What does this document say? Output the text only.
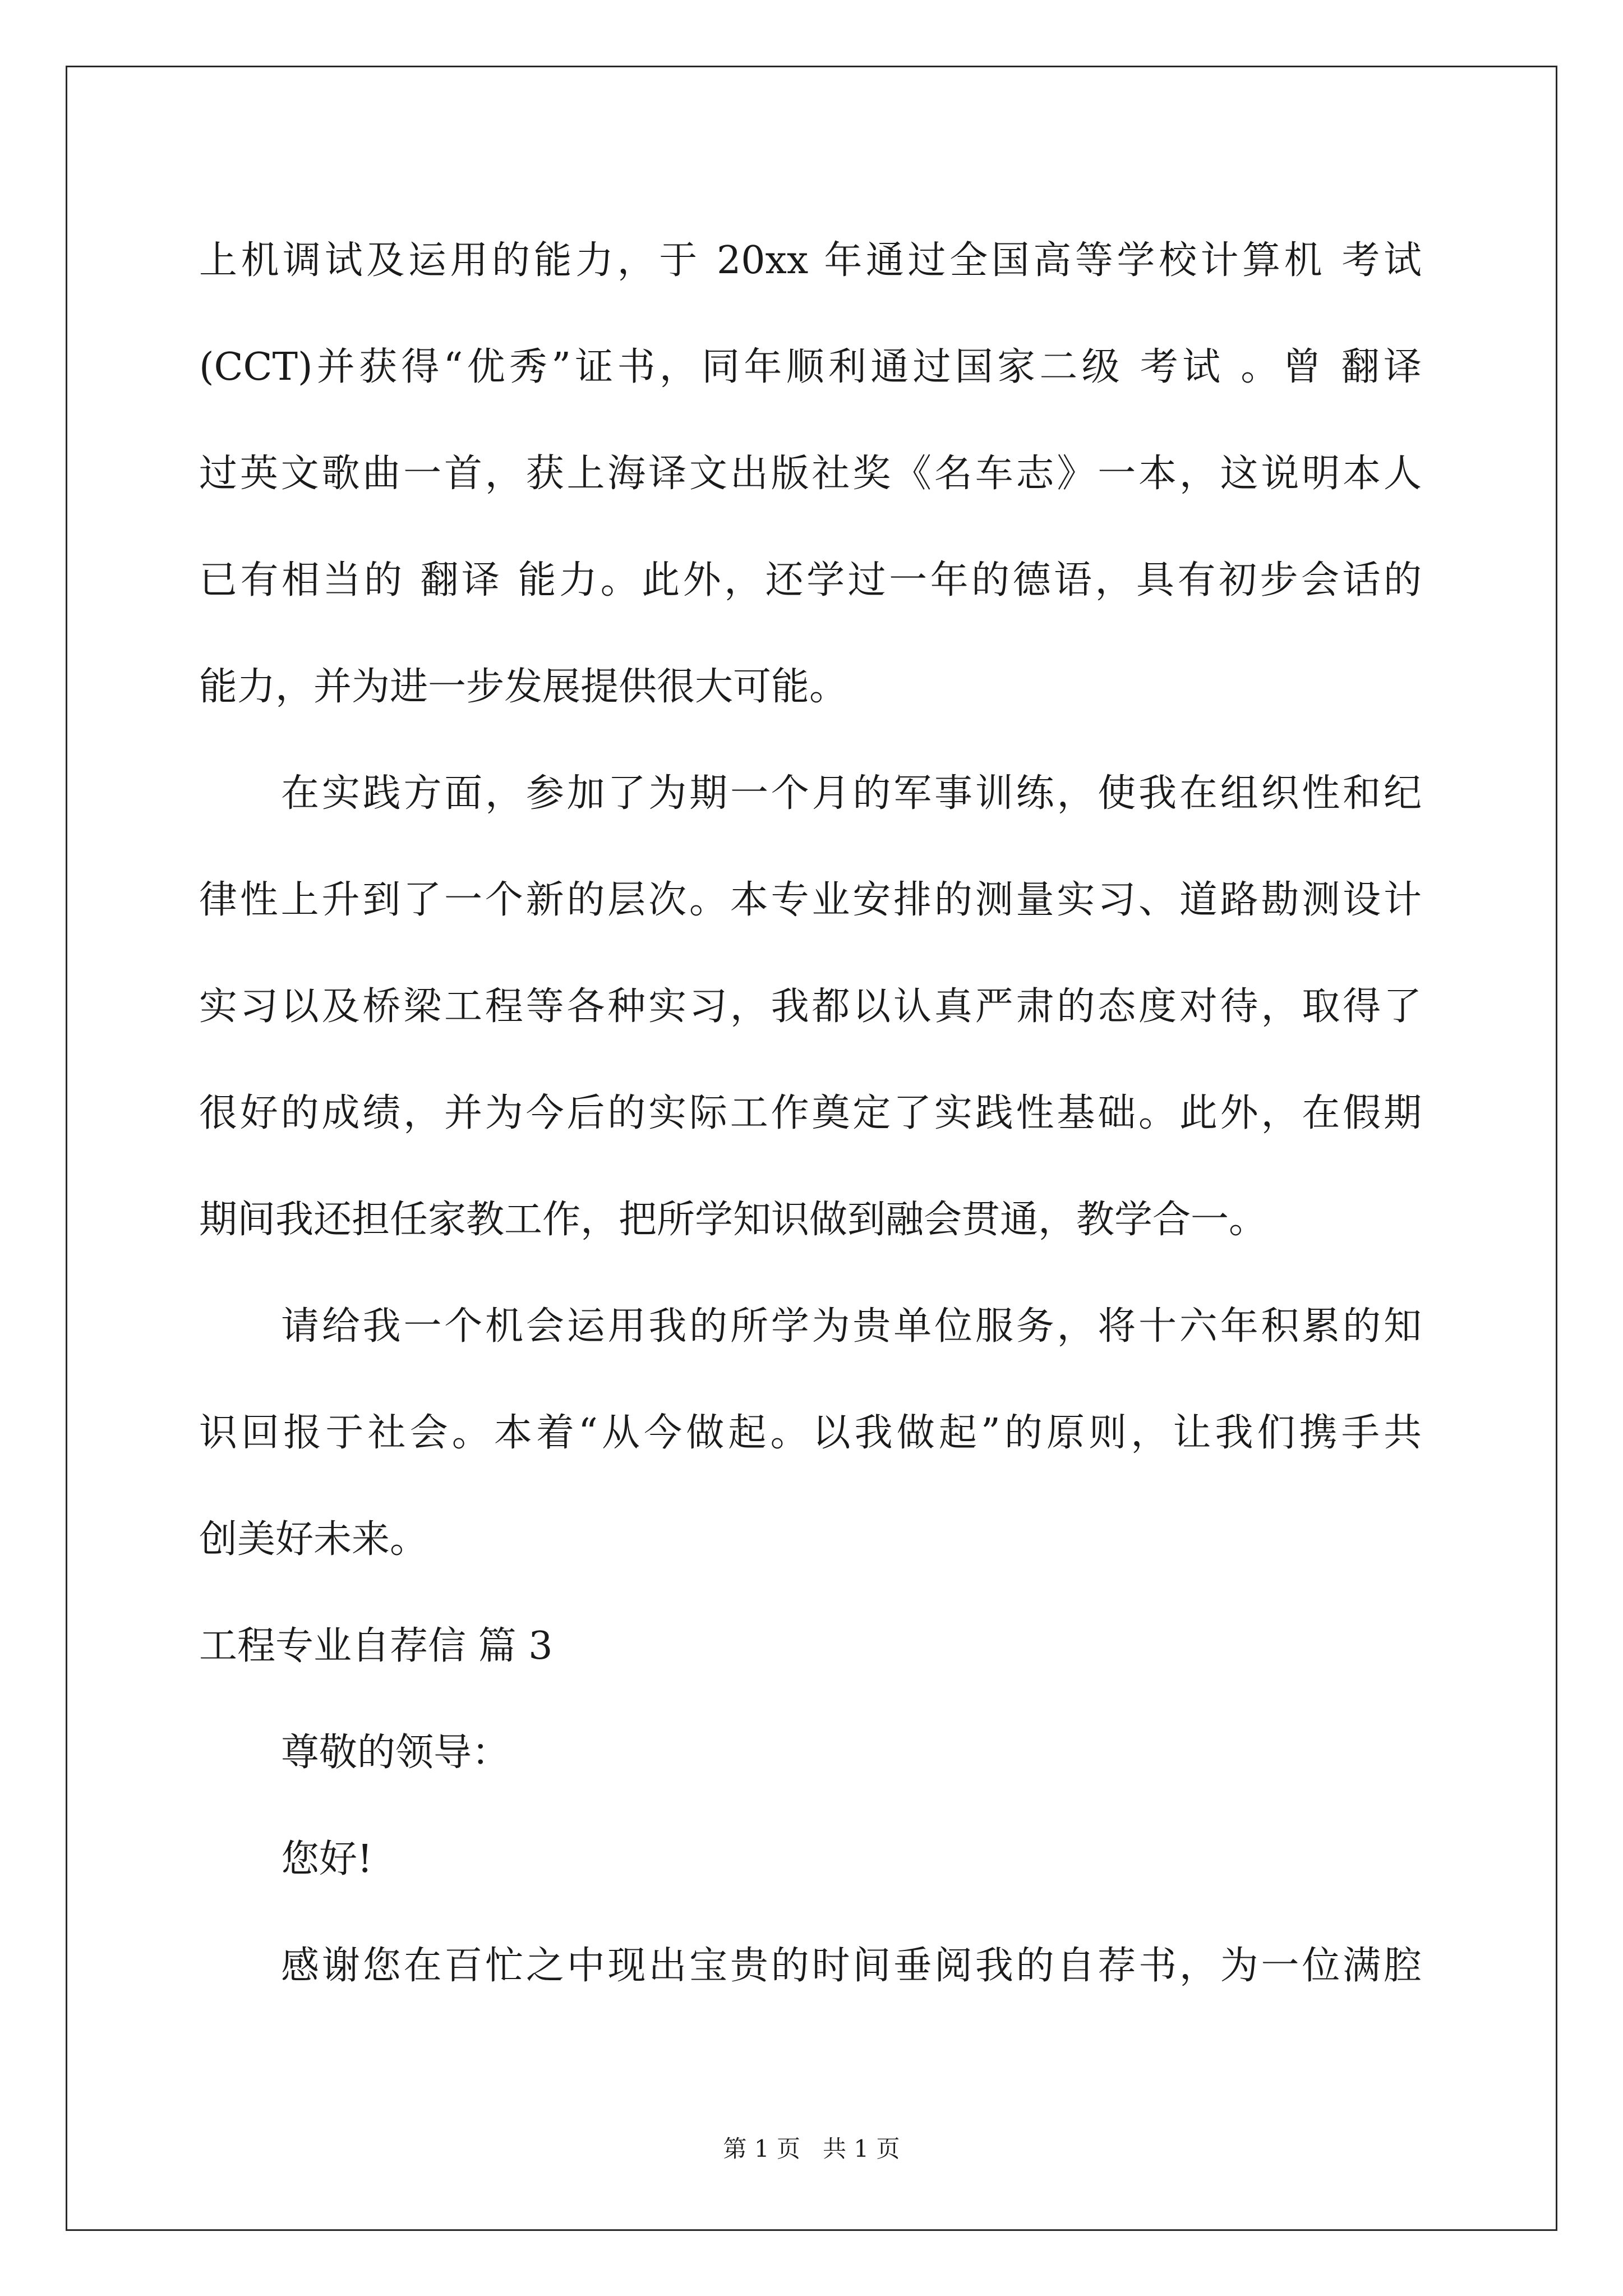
上机调试及运用的能力，于 20xx 年通过全国高等学校计算机 考试
(CCT)并获得“优秀”证书，同年顺利通过国家二级 考试 。曾 翻译
过英文歌曲一首，获上海译文出版社奖《名车志》一本，这说明本人
已有相当的 翻译 能力。此外，还学过一年的德语，具有初步会话的
能力，并为进一步发展提供很大可能。
在实践方面，参加了为期一个月的军事训练，使我在组织性和纪
律性上升到了一个新的层次。本专业安排的测量实习、道路勘测设计
实习以及桥梁工程等各种实习，我都以认真严肃的态度对待，取得了
很好的成绩，并为今后的实际工作奠定了实践性基础。此外，在假期
期间我还担任家教工作，把所学知识做到融会贯通，教学合一。
请给我一个机会运用我的所学为贵单位服务，将十六年积累的知
识回报于社会。本着“从今做起。以我做起”的原则，让我们携手共
创美好未来。
工程专业自荐信 篇 3
尊敬的领导：
您好!
感谢您在百忙之中现出宝贵的时间垂阅我的自荐书，为一位满腔
第 1 页   共 1 页
